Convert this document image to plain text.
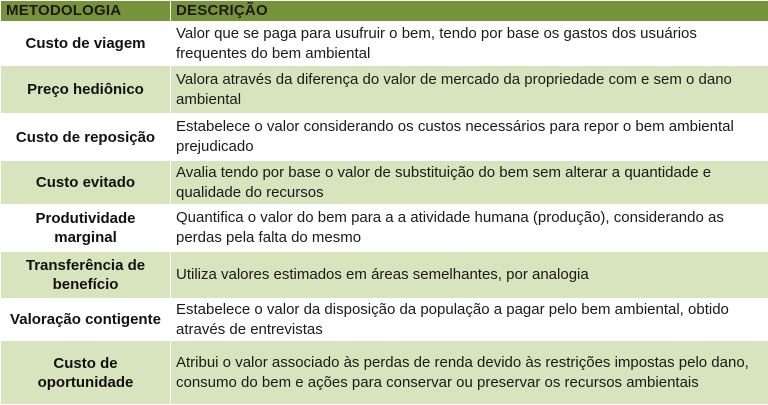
METODOLOGIA	DESCRIÇÃO
Custo de viagem	Valor que se paga para usufruir o bem, tendo por base os gastos dos usuários frequentes do bem ambiental
Preço hediônico	Valora através da diferença do valor de mercado da propriedade com e sem o dano ambiental
Custo de reposição	Estabelece o valor considerando os custos necessários para repor o bem ambiental prejudicado
Custo evitado	Avalia tendo por base o valor de substituição do bem sem alterar a quantidade e qualidade do recursos
Produtividade marginal	Quantifica o valor do bem para a a atividade humana (produção), considerando as perdas pela falta do mesmo
Transferência de benefício	Utiliza valores estimados em áreas semelhantes, por analogia
Valoração contigente	Estabelece o valor da disposição da população a pagar pelo bem ambiental, obtido através de entrevistas
Custo de oportunidade	Atribui o valor associado às perdas de renda devido às restrições impostas pelo dano, consumo do bem e ações para conservar ou preservar os recursos ambientais
